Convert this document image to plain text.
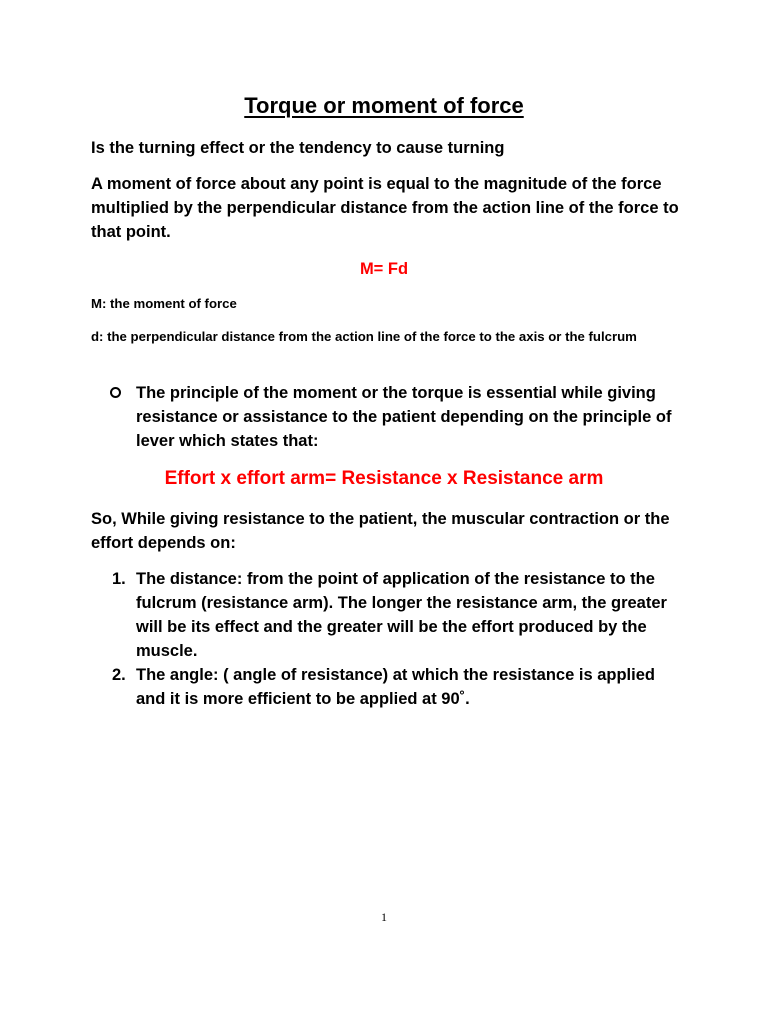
Torque or moment of force
Is the turning effect or the tendency to cause turning
A moment of force about any point is equal to the magnitude of the force multiplied by the perpendicular distance from the action line of the force to that point.
M= Fd
M: the moment of force
d: the perpendicular distance from the action line of the force to the axis or the fulcrum
The principle of the moment or the torque is essential while giving resistance or assistance to the patient depending on the principle of lever which states that:
Effort x effort arm= Resistance x Resistance arm
So, While giving resistance to the patient, the muscular contraction or the effort depends on:
1. The distance: from the point of application of the resistance to the fulcrum (resistance arm). The longer the resistance arm, the greater will be its effect and the greater will be the effort produced by the muscle.
2. The angle: ( angle of resistance) at which the resistance is applied and it is more efficient to be applied at 90˚.
1
